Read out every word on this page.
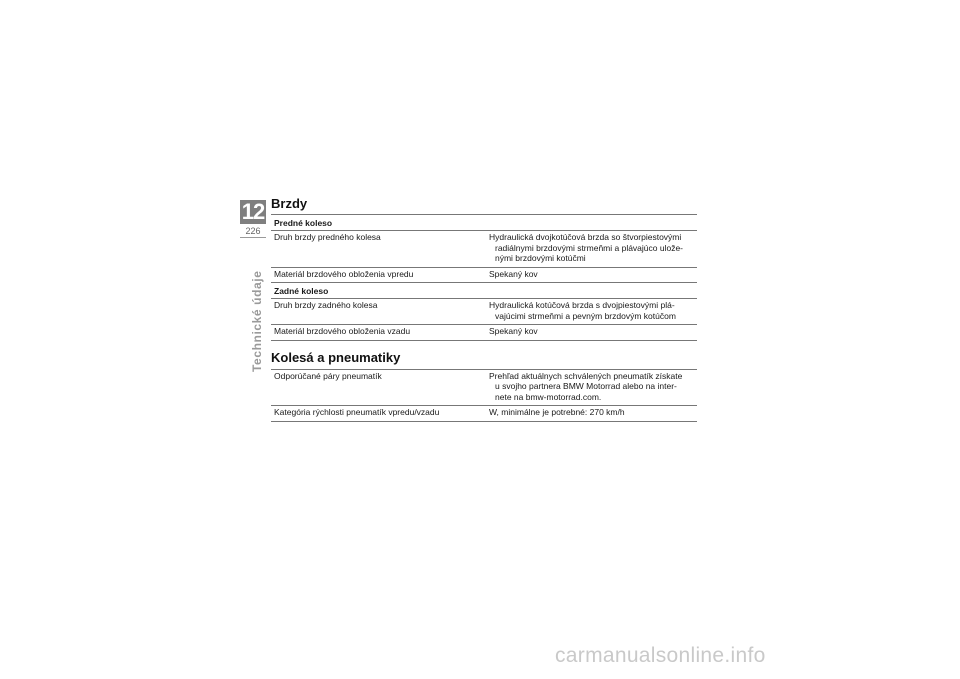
12
226
Technické údaje
Brzdy
Predné koleso
Druh brzdy predného kolesa	Hydraulická dvojkotúčová brzda so štvorpiestovými
radiálnymi brzdovými strmeňmi a plávajúco ulože-
nými brzdovými kotúčmi
Materiál brzdového obloženia vpredu	Spekaný kov
Zadné koleso
Druh brzdy zadného kolesa	Hydraulická kotúčová brzda s dvojpiestovými plá-
vajúcimi strmeňmi a pevným brzdovým kotúčom
Materiál brzdového obloženia vzadu	Spekaný kov
Kolesá a pneumatiky
Odporúčané páry pneumatík	Prehľad aktuálnych schválených pneumatík získate
u svojho partnera BMW Motorrad alebo na inter-
nete na bmw-motorrad.com.
Kategória rýchlosti pneumatík vpredu/vzadu	W, minimálne je potrebné: 270 km/h
carmanualsonline.info
